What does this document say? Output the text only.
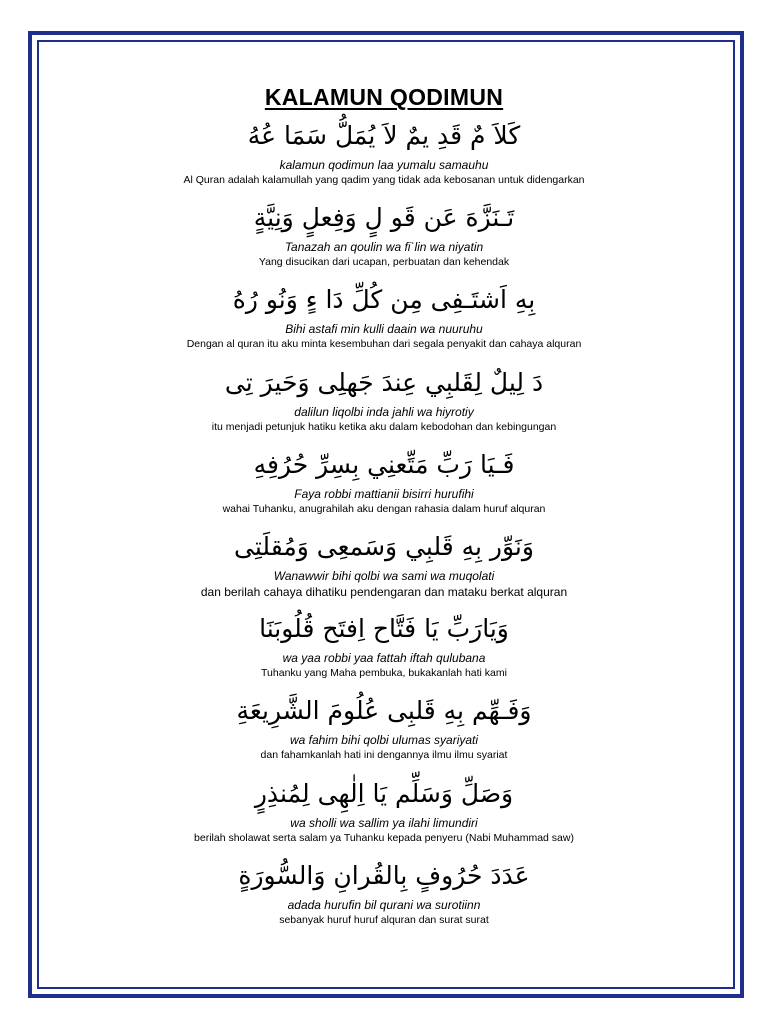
KALAMUN QODIMUN
كَلاَ مٌ قَدِ يمٌ لاَ يُمَلُّ سَمَا عُهُ
kalamun qodimun laa yumalu samauhu
Al Quran adalah kalamullah yang qadim yang tidak ada kebosanan untuk didengarkan
تَـنَزَّهَ عَن قَو لٍ وَفِعلٍ وَنِيَّةٍ
Tanazah an qoulin wa fi`lin wa niyatin
Yang disucikan dari ucapan, perbuatan dan kehendak
بِهِ اَشتَـفِى مِن كُلِّ دَا ءٍ وَنُو رُهُ
Bihi astafi min kulli daain wa nuuruhu
Dengan al quran itu aku minta kesembuhan dari segala penyakit dan cahaya alquran
دَ لِيلٌ لِقَلبِي عِندَ جَهلِى وَحَيرَ تِى
dalilun liqolbi inda jahli wa hiyrotiy
itu menjadi petunjuk hatiku ketika aku dalam kebodohan dan kebingungan
فَـيَا رَبِّ مَتِّعنِي بِسِرِّ حُرُفِهِ
Faya robbi mattianii bisirri hurufihi
wahai Tuhanku, anugrahilah aku dengan rahasia dalam huruf alquran
وَنَوِّر بِهِ قَلبِي وَسَمعِى وَمُقلَتِى
Wanawwir bihi qolbi wa sami wa muqolati
dan berilah cahaya dihatiku pendengaran dan mataku berkat alquran
وَيَارَبِّ يَا فَتَّاح اِفتَح قُلُوبَنَا
wa yaa robbi yaa fattah iftah qulubana
Tuhanku yang Maha pembuka, bukakanlah hati kami
وَفَـهِّم بِهِ قَلبِى عُلُومَ الشَّرِيعَةِ
wa fahim bihi qolbi ulumas syariyati
dan fahamkanlah hati ini dengannya ilmu ilmu syariat
وَصَلِّ وَسَلِّم يَا اِلٰهِى لِمُنذِرٍ
wa sholli wa sallim ya ilahi limundiri
berilah sholawat serta salam ya Tuhanku kepada penyeru (Nabi Muhammad saw)
عَدَدَ حُرُوفٍ بِالقُرانِ وَالسُّورَةٍ
adada hurufin bil qurani wa surotiinn
sebanyak huruf huruf alquran dan surat surat
